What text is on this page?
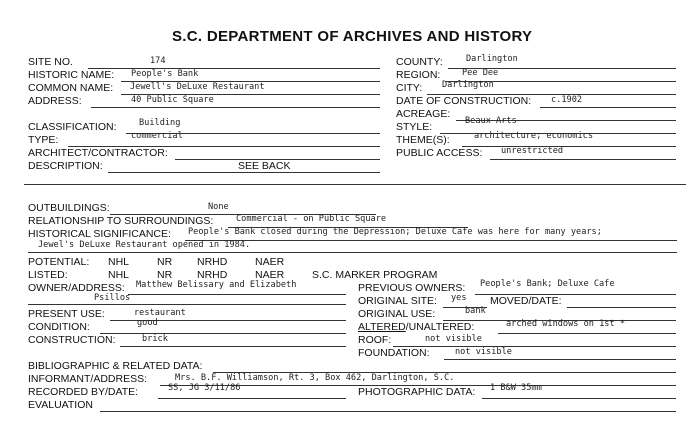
S.C. DEPARTMENT OF ARCHIVES AND HISTORY
SITE NO.	174
HISTORIC NAME: People's Bank
COMMON NAME: Jewell's DeLuxe Restaurant
ADDRESS:	40 Public Square
CLASSIFICATION:	Building
TYPE:	commercial
ARCHITECT/CONTRACTOR:
DESCRIPTION:	SEE BACK
COUNTY:	Darlington
REGION:	Pee Dee
CITY: Darlington
DATE OF CONSTRUCTION: c.1902
ACREAGE:
STYLE:	Beaux Arts
THEME(S):	architecture; economics
PUBLIC ACCESS: unrestricted
OUTBUILDINGS:	None
RELATIONSHIP TO SURROUNDINGS:	Commercial - on Public Square
HISTORICAL SIGNIFICANCE: People's Bank closed during the Depression; Deluxe Cafe was here for many years;
Jewel's DeLuxe Restaurant opened in 1984.
POTENTIAL: NHL	NR NRHD	NAER
LISTED:	NHL	NR NRHD	NAER	S.C. MARKER PROGRAM
OWNER/ADDRESS: Matthew Belissary and Elizabeth
Psillos
PREVIOUS OWNERS: People's Bank; Deluxe Cafe
ORIGINAL SITE: yes MOVED/DATE:
PRESENT USE:	restaurant	ORIGINAL USE:	bank
CONDITION:	good	ALTERED/UNALTERED:	arched windows on 1st *
CONSTRUCTION:	brick	ROOF:	not visible
FOUNDATION:	not visible
BIBLIOGRAPHIC & RELATED DATA:
INFORMANT/ADDRESS:	Mrs. B.F. Williamson, Rt. 3, Box 462, Darlington, S.C.
RECORDED BY/DATE:	SS, JG 3/11/86	PHOTOGRAPHIC DATA: 1 B&W 35mm
EVALUATION
